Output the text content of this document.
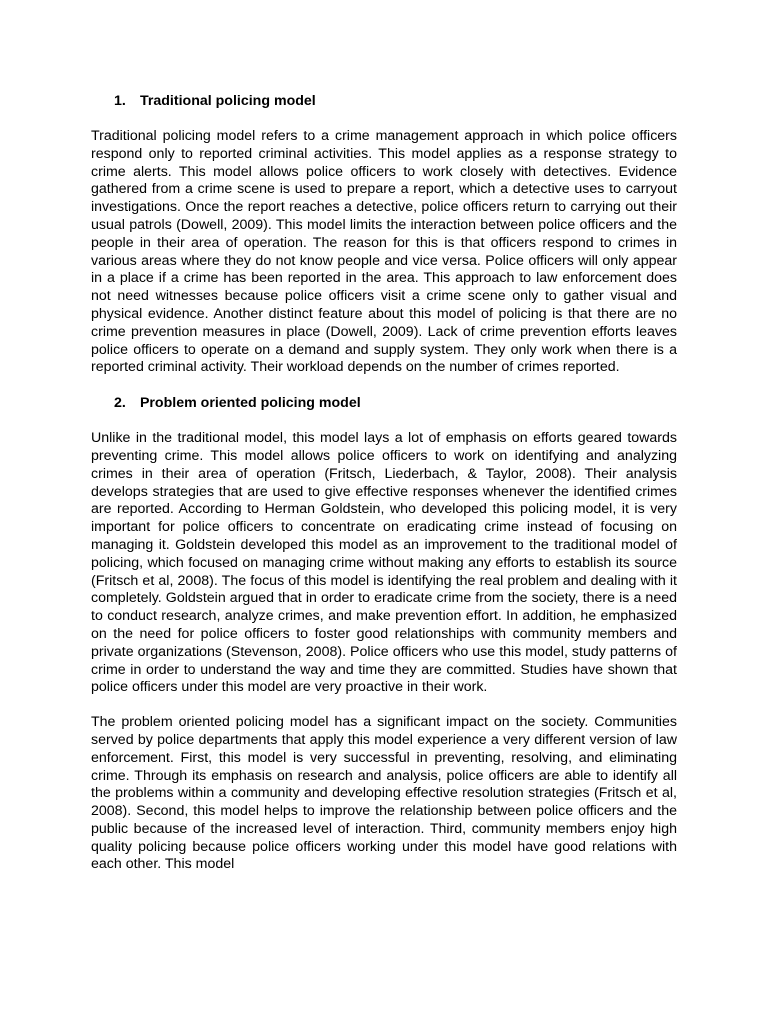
1. Traditional policing model

Traditional policing model refers to a crime management approach in which police officers respond only to reported criminal activities. This model applies as a response strategy to crime alerts. This model allows police officers to work closely with detectives. Evidence gathered from a crime scene is used to prepare a report, which a detective uses to carryout investigations. Once the report reaches a detective, police officers return to carrying out their usual patrols (Dowell, 2009). This model limits the interaction between police officers and the people in their area of operation. The reason for this is that officers respond to crimes in various areas where they do not know people and vice versa. Police officers will only appear in a place if a crime has been reported in the area. This approach to law enforcement does not need witnesses because police officers visit a crime scene only to gather visual and physical evidence. Another distinct feature about this model of policing is that there are no crime prevention measures in place (Dowell, 2009). Lack of crime prevention efforts leaves police officers to operate on a demand and supply system. They only work when there is a reported criminal activity. Their workload depends on the number of crimes reported.

2. Problem oriented policing model

Unlike in the traditional model, this model lays a lot of emphasis on efforts geared towards preventing crime. This model allows police officers to work on identifying and analyzing crimes in their area of operation (Fritsch, Liederbach, & Taylor, 2008). Their analysis develops strategies that are used to give effective responses whenever the identified crimes are reported. According to Herman Goldstein, who developed this policing model, it is very important for police officers to concentrate on eradicating crime instead of focusing on managing it. Goldstein developed this model as an improvement to the traditional model of policing, which focused on managing crime without making any efforts to establish its source (Fritsch et al, 2008). The focus of this model is identifying the real problem and dealing with it completely. Goldstein argued that in order to eradicate crime from the society, there is a need to conduct research, analyze crimes, and make prevention effort. In addition, he emphasized on the need for police officers to foster good relationships with community members and private organizations (Stevenson, 2008). Police officers who use this model, study patterns of crime in order to understand the way and time they are committed. Studies have shown that police officers under this model are very proactive in their work.

The problem oriented policing model has a significant impact on the society. Communities served by police departments that apply this model experience a very different version of law enforcement. First, this model is very successful in preventing, resolving, and eliminating crime. Through its emphasis on research and analysis, police officers are able to identify all the problems within a community and developing effective resolution strategies (Fritsch et al, 2008). Second, this model helps to improve the relationship between police officers and the public because of the increased level of interaction. Third, community members enjoy high quality policing because police officers working under this model have good relations with each other. This model
